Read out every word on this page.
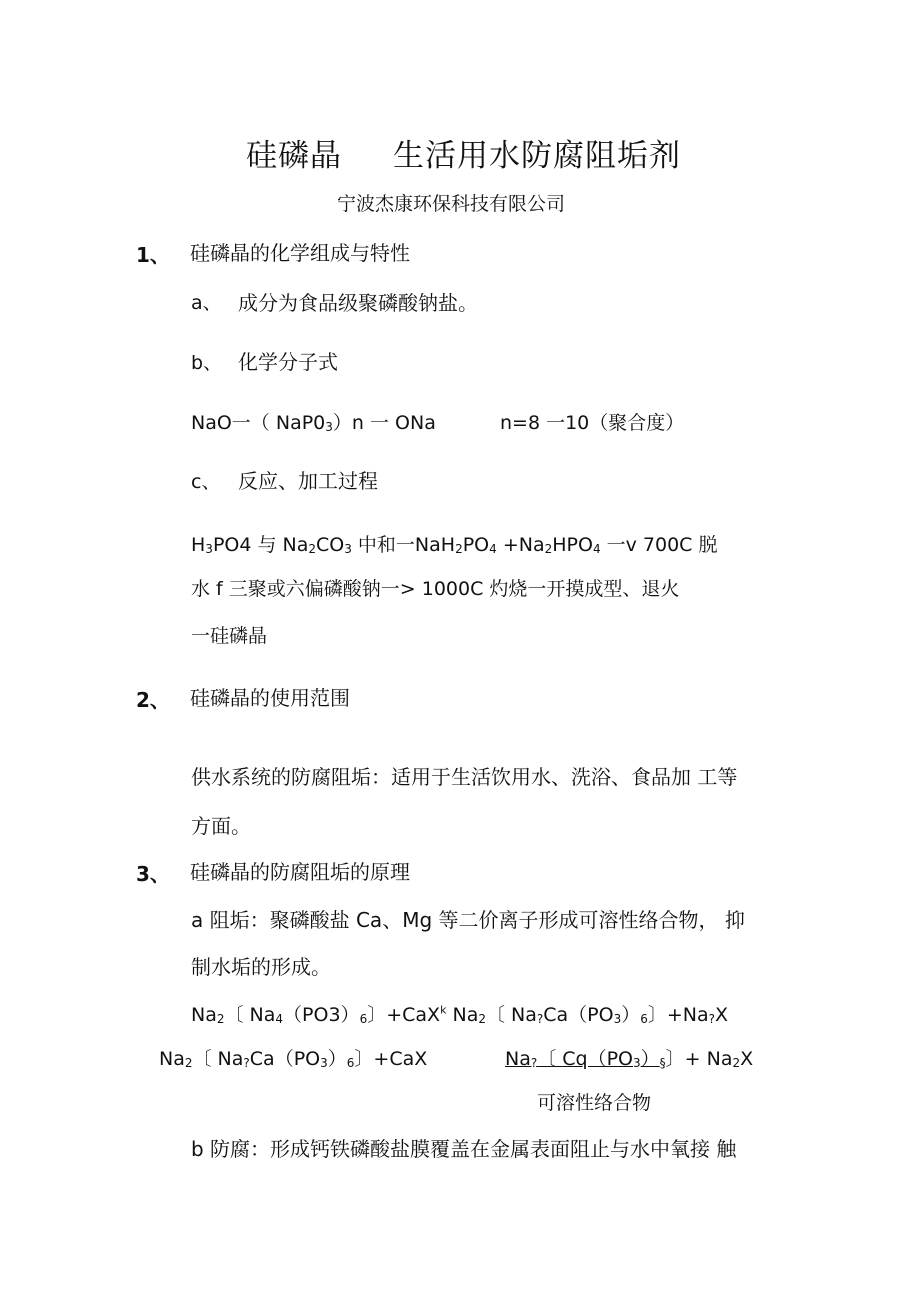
硅磷晶 生活用水防腐阻垢剂
宁波杰康环保科技有限公司
1、 硅磷晶的化学组成与特性
a、 成分为食品级聚磷酸钠盐。
b、 化学分子式
NaO一（ $NaP0_3)n$ 一 ONa	n=8 一10（聚合度）
c、 反应、加工过程
$H_3PO4$ 与 $Na_2CO_3$ 中和一$NaH_2PO_4 +Na_2HPO_4$ 一v 700C 脱
水 f 三聚或六偏磷酸钠一> 1000C 灼烧一开摸成型、退火
一硅磷晶
2、 硅磷晶的使用范围
供水系统的防腐阻垢：适用于生活饮用水、洗浴、食品加 工等
方面。
3、 硅磷晶的防腐阻垢的原理
a 阻垢：聚磷酸盐 Ca、Mg 等二价离子形成可溶性络合物， 抑
制水垢的形成。
$Na_2$〔 $Na_4(PO3)_6$〕+CaX$^k$ $Na_2$〔 $Na_?Ca(PO_3)_6$〕$+Na_?X$
$Na_2$〔 $Na_?Ca(PO_3)_6$〕+CaX	$Na_?$〔 $Cq(PO_3)_\S$〕+ $Na_2X$
可溶性络合物
b 防腐：形成钙铁磷酸盐膜覆盖在金属表面阻止与水中氧接 触
